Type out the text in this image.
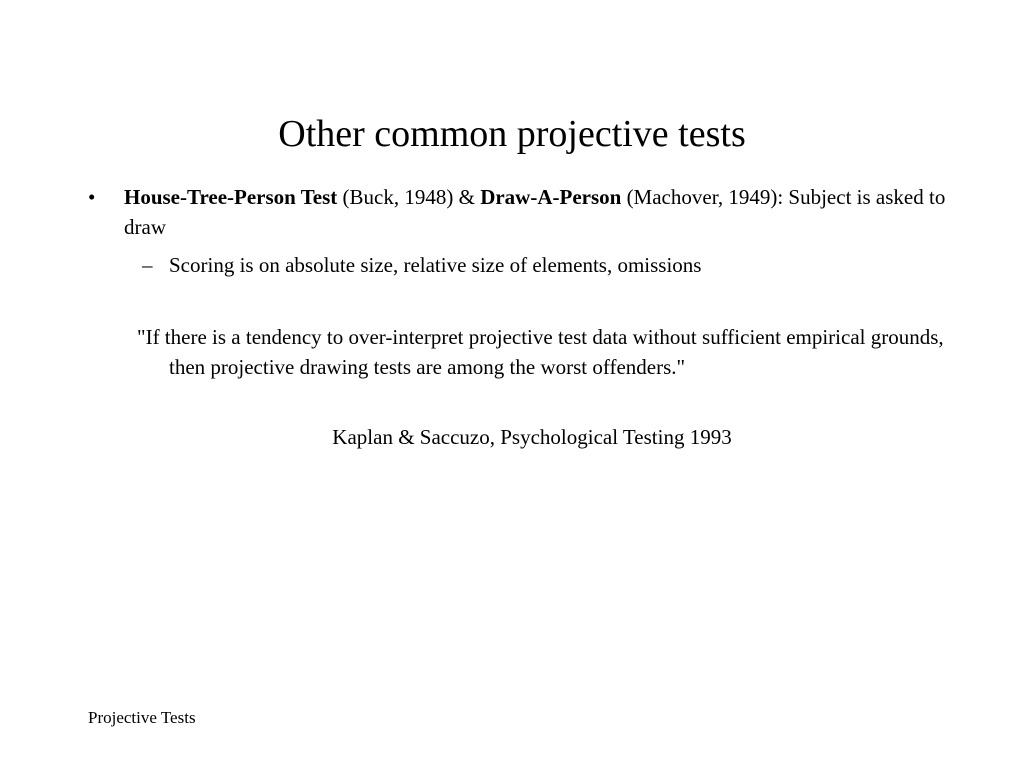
Other common projective tests
• House-Tree-Person Test (Buck, 1948) & Draw-A-Person (Machover, 1949): Subject is asked to draw
– Scoring is on absolute size, relative size of elements, omissions
"If there is a tendency to over-interpret projective test data without sufficient empirical grounds, then projective drawing tests are among the worst offenders."
Kaplan & Saccuzo, Psychological Testing 1993
Projective Tests
